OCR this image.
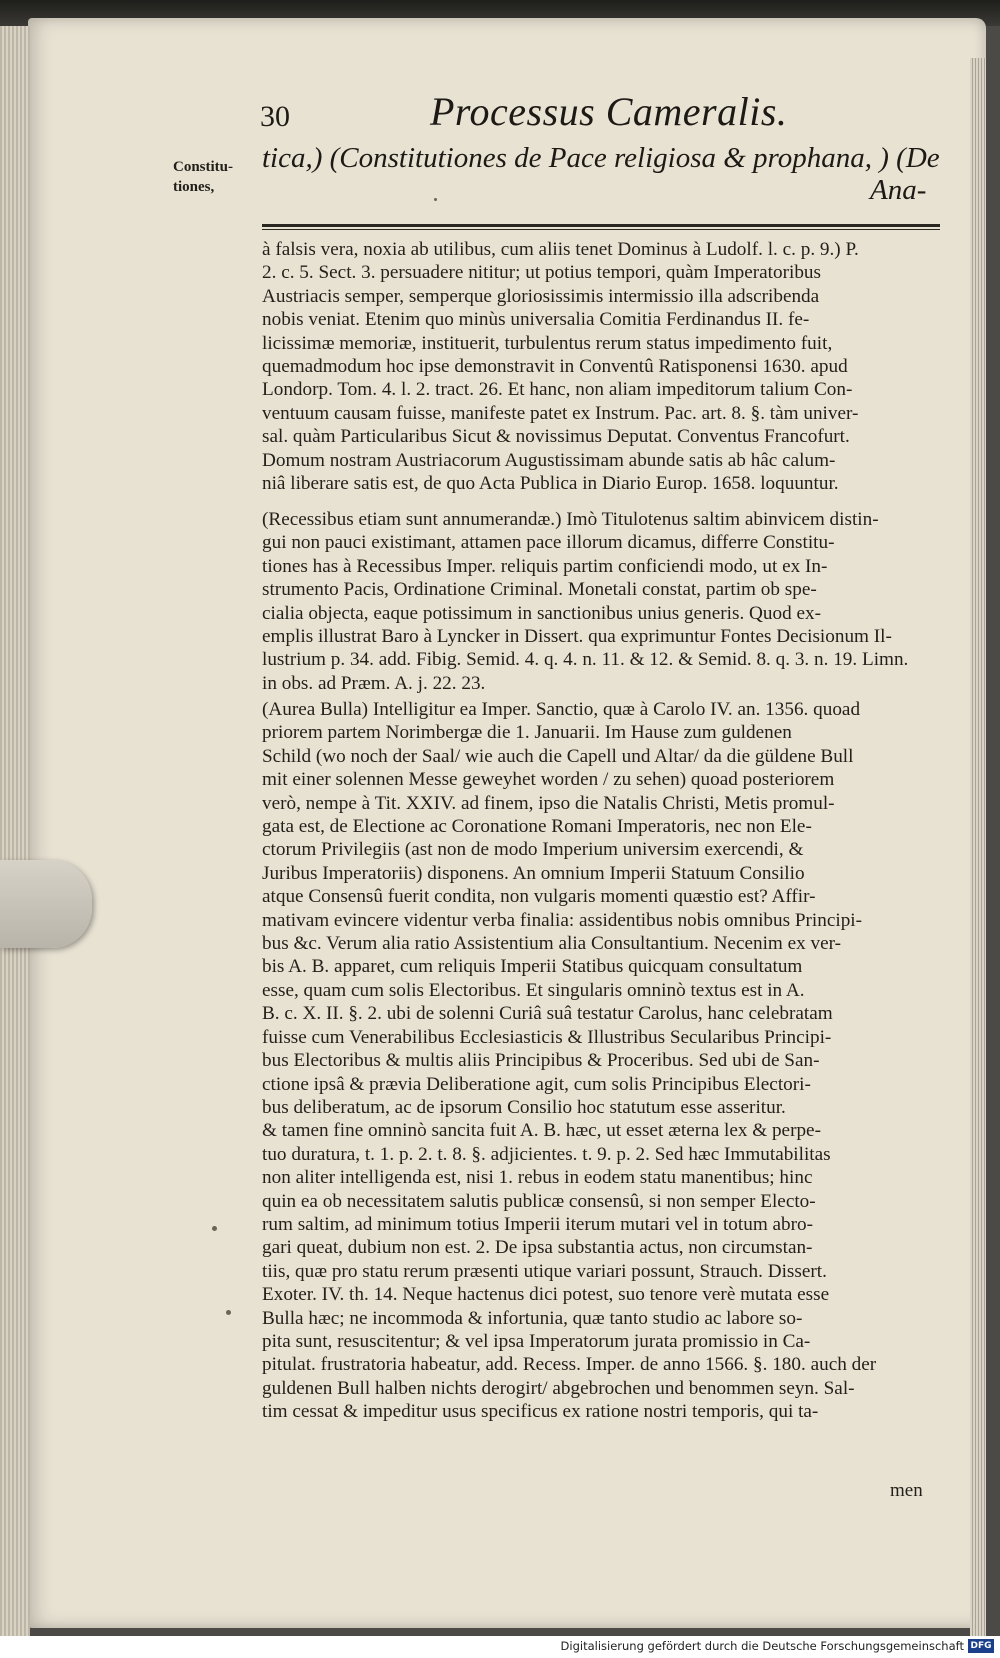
30	Processus Cameralis.
Constitu-
tiones,
tica,) (Constitutiones de Pace religiosa & prophana, ) (De
Ana-
à falsis vera, noxia ab utilibus, cum aliis tenet Dominus à Ludolf. l. c. p. 9.) P.
2. c. 5. Sect. 3. persuadere nititur; ut potius tempori, quàm Imperatoribus
Austriacis semper, semperque gloriosissimis intermissio illa adscribenda
nobis veniat. Etenim quo minùs universalia Comitia Ferdinandus II. fe-
licissimæ memoriæ, instituerit, turbulentus rerum status impedimento fuit,
quemadmodum hoc ipse demonstravit in Conventû Ratisponensi 1630. apud
Londorp. Tom. 4. l. 2. tract. 26. Et hanc, non aliam impeditorum talium Con-
ventuum causam fuisse, manifeste patet ex Instrum. Pac. art. 8. §. tàm univer-
sal. quàm Particularibus Sicut & novissimus Deputat. Conventus Francofurt.
Domum nostram Austriacorum Augustissimam abunde satis ab hâc calum-
niâ liberare satis est, de quo Acta Publica in Diario Europ. 1658. loquuntur.
(Recessibus etiam sunt annumerandæ.) Imò Titulotenus saltim abinvicem distin-
gui non pauci existimant, attamen pace illorum dicamus, differre Constitu-
tiones has à Recessibus Imper. reliquis partim conficiendi modo, ut ex In-
strumento Pacis, Ordinatione Criminal. Monetali constat, partim ob spe-
cialia objecta, eaque potissimum in sanctionibus unius generis. Quod ex-
emplis illustrat Baro à Lyncker in Dissert. qua exprimuntur Fontes Decisionum Il-
lustrium p. 34. add. Fibig. Semid. 4. q. 4. n. 11. & 12. & Semid. 8. q. 3. n. 19. Limn.
in obs. ad Præm. A. j. 22. 23.
(Aurea Bulla) Intelligitur ea Imper. Sanctio, quæ à Carolo IV. an. 1356. quoad
priorem partem Norimbergæ die 1. Januarii. Im Hause zum guldenen
Schild (wo noch der Saal/ wie auch die Capell und Altar/ da die güldene Bull
mit einer solennen Messe geweyhet worden / zu sehen) quoad posteriorem
verò, nempe à Tit. XXIV. ad finem, ipso die Natalis Christi, Metis promul-
gata est, de Electione ac Coronatione Romani Imperatoris, nec non Ele-
ctorum Privilegiis (ast non de modo Imperium universim exercendi, &
Juribus Imperatoriis) disponens. An omnium Imperii Statuum Consilio
atque Consensû fuerit condita, non vulgaris momenti quæstio est? Affir-
mativam evincere videntur verba finalia: assidentibus nobis omnibus Principi-
bus &c. Verum alia ratio Assistentium alia Consultantium. Necenim ex ver-
bis A. B. apparet, cum reliquis Imperii Statibus quicquam consultatum
esse, quam cum solis Electoribus. Et singularis omninò textus est in A.
B. c. X. II. §. 2. ubi de solenni Curiâ suâ testatur Carolus, hanc celebratam
fuisse cum Venerabilibus Ecclesiasticis & Illustribus Secularibus Principi-
bus Electoribus & multis aliis Principibus & Proceribus. Sed ubi de San-
ctione ipsâ & prævia Deliberatione agit, cum solis Principibus Electori-
bus deliberatum, ac de ipsorum Consilio hoc statutum esse asseritur.
& tamen fine omninò sancita fuit A. B. hæc, ut esset æterna lex & perpe-
tuo duratura, t. 1. p. 2. t. 8. §. adjicientes. t. 9. p. 2. Sed hæc Immutabilitas
non aliter intelligenda est, nisi 1. rebus in eodem statu manentibus; hinc
quin ea ob necessitatem salutis publicæ consensû, si non semper Electo-
rum saltim, ad minimum totius Imperii iterum mutari vel in totum abro-
gari queat, dubium non est. 2. De ipsa substantia actus, non circumstan-
tiis, quæ pro statu rerum præsenti utique variari possunt, Strauch. Dissert.
Exoter. IV. th. 14. Neque hactenus dici potest, suo tenore verè mutata esse
Bulla hæc; ne incommoda & infortunia, quæ tanto studio ac labore so-
pita sunt, resuscitentur; & vel ipsa Imperatorum jurata promissio in Ca-
pitulat. frustratoria habeatur, add. Recess. Imper. de anno 1566. §. 180. auch der
guldenen Bull halben nichts derogirt/ abgebrochen und benommen seyn. Sal-
tim cessat & impeditur usus specificus ex ratione nostri temporis, qui ta-
men
Digitalisierung gefördert durch die Deutsche Forschungsgemeinschaft DFG
